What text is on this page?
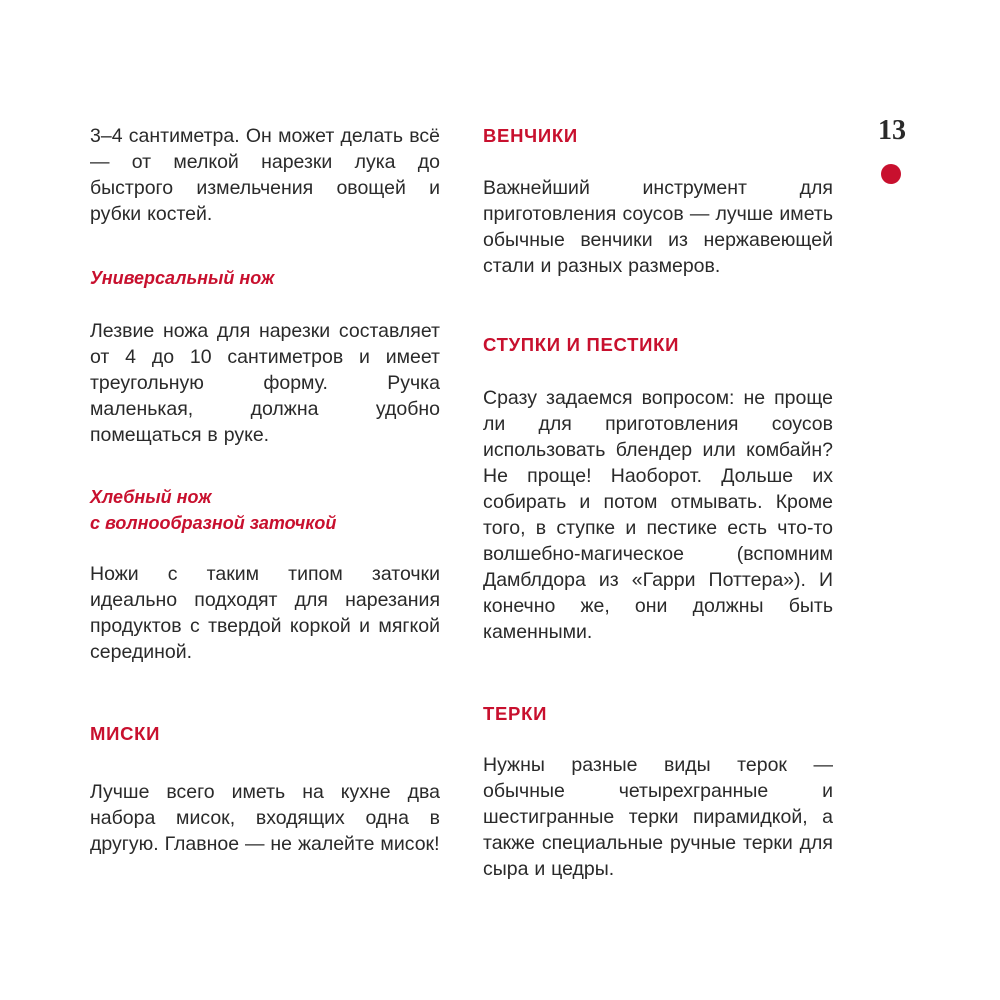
3–4 сантиметра. Он может делать всё — от мелкой нарезки лука до быстрого измельчения овощей и рубки костей.

Универсальный нож

Лезвие ножа для нарезки составляет от 4 до 10 сантиметров и имеет треугольную форму. Ручка маленькая, должна удобно помещаться в руке.

Хлебный нож
с волнообразной заточкой

Ножи с таким типом заточки идеально подходят для нарезания продуктов с твердой коркой и мягкой серединой.

МИСКИ

Лучше всего иметь на кухне два набора мисок, входящих одна в другую. Главное — не жалейте мисок!

ВЕНЧИКИ

Важнейший инструмент для приготовления соусов — лучше иметь обычные венчики из нержавеющей стали и разных размеров.

СТУПКИ И ПЕСТИКИ

Сразу задаемся вопросом: не проще ли для приготовления соусов использовать блендер или комбайн? Не проще! Наоборот. Дольше их собирать и потом отмывать. Кроме того, в ступке и пестике есть что-то волшебно-магическое (вспомним Дамблдора из «Гарри Поттера»). И конечно же, они должны быть каменными.

ТЕРКИ

Нужны разные виды терок — обычные четырехгранные и шестигранные терки пирамидкой, а также специальные ручные терки для сыра и цедры.

13
